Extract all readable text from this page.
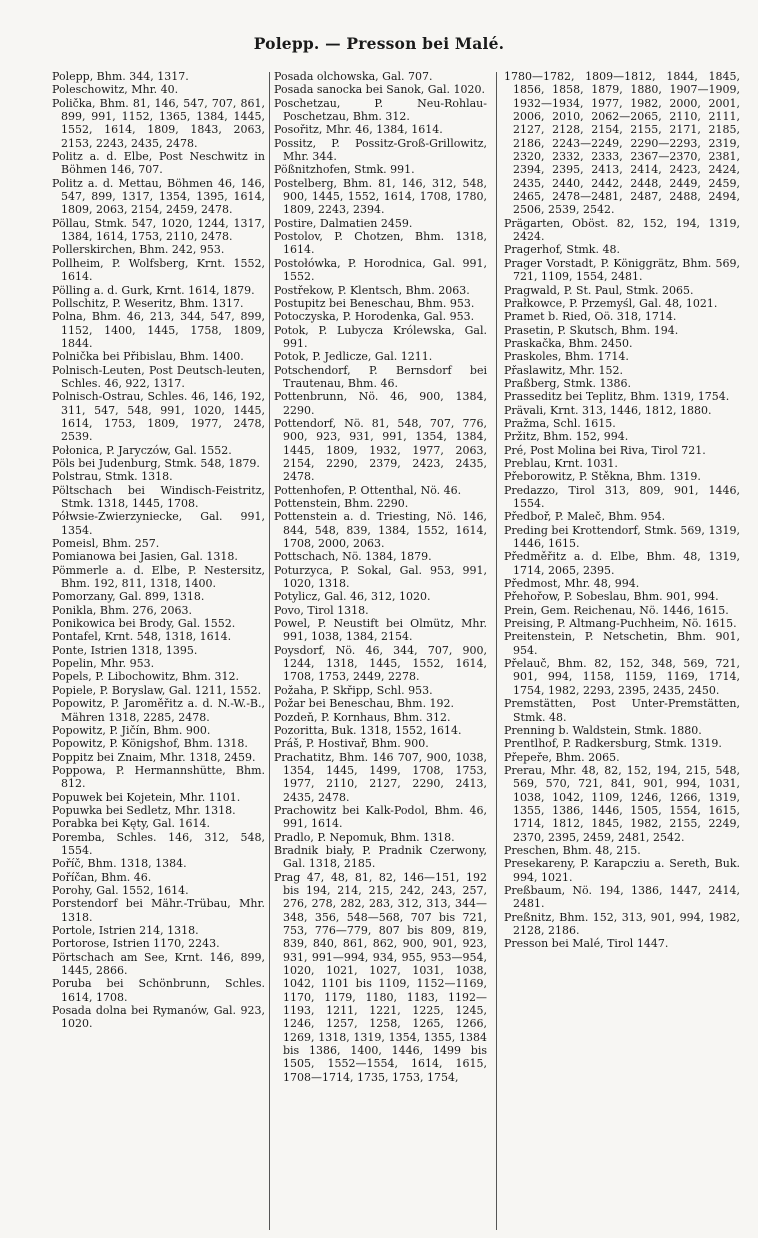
Polepp. — Presson bei Malé.

Polepp, Bhm. 344, 1317.

Poleschowitz, Mhr. 40.

Polička, Bhm. 81, 146, 547, 707, 861, 899, 991, 1152, 1365, 1384, 1445, 1552, 1614, 1809, 1843, 2063, 2153, 2243, 2435, 2478.

Politz a. d. Elbe, Post Neschwitz in Böhmen 146, 707.

Politz a. d. Mettau, Böhmen 46, 146, 547, 899, 1317, 1354, 1395, 1614, 1809, 2063, 2154, 2459, 2478.

Pöllau, Stmk. 547, 1020, 1244, 1317, 1384, 1614, 1753, 2110, 2478.

Pollerskirchen, Bhm. 242, 953.

Pollheim, P. Wolfsberg, Krnt. 1552, 1614.

Pölling a. d. Gurk, Krnt. 1614, 1879.

Pollschitz, P. Weseritz, Bhm. 1317.

Polna, Bhm. 46, 213, 344, 547, 899, 1152, 1400, 1445, 1758, 1809, 1844.

Polnička bei Přibislau, Bhm. 1400.

Polnisch-Leuten, Post Deutsch-leuten, Schles. 46, 922, 1317.

Polnisch-Ostrau, Schles. 46, 146, 192, 311, 547, 548, 991, 1020, 1445, 1614, 1753, 1809, 1977, 2478, 2539.

Połonica, P. Jaryczów, Gal. 1552.

Pöls bei Judenburg, Stmk. 548, 1879.

Polstrau, Stmk. 1318.

Pöltschach bei Windisch-Feistritz, Stmk. 1318, 1445, 1708.

Półwsie-Zwierzyniecke, Gal. 991, 1354.

Pomeisl, Bhm. 257.

Pomianowa bei Jasien, Gal. 1318.

Pömmerle a. d. Elbe, P. Nestersitz, Bhm. 192, 811, 1318, 1400.

Pomorzany, Gal. 899, 1318.

Ponikla, Bhm. 276, 2063.

Ponikowica bei Brody, Gal. 1552.

Pontafel, Krnt. 548, 1318, 1614.

Ponte, Istrien 1318, 1395.

Popelin, Mhr. 953.

Popels, P. Libochowitz, Bhm. 312.

Popiele, P. Boryslaw, Gal. 1211, 1552.

Popowitz, P. Jaroměřitz a. d. N.-W.-B., Mähren 1318, 2285, 2478.

Popowitz, P. Jičín, Bhm. 900.

Popowitz, P. Königshof, Bhm. 1318.

Poppitz bei Znaim, Mhr. 1318, 2459.

Poppowa, P. Hermannshütte, Bhm. 812.

Popuwek bei Kojetein, Mhr. 1101.

Popuwka bei Sedletz, Mhr. 1318.

Porabka bei Kęty, Gal. 1614.

Poremba, Schles. 146, 312, 548, 1554.

Poříč, Bhm. 1318, 1384.

Poříčan, Bhm. 46.

Porohy, Gal. 1552, 1614.

Porstendorf bei Mähr.-Trübau, Mhr. 1318.

Portole, Istrien 214, 1318.

Portorose, Istrien 1170, 2243.

Pörtschach am See, Krnt. 146, 899, 1445, 2866.

Poruba bei Schönbrunn, Schles. 1614, 1708.

Posada dolna bei Rymanów, Gal. 923, 1020.

Posada olchowska, Gal. 707.

Posada sanocka bei Sanok, Gal. 1020.

Poschetzau, P. Neu-Rohlau-Poschetzau, Bhm. 312.

Posořitz, Mhr. 46, 1384, 1614.

Possitz, P. Possitz-Groß-Grillowitz, Mhr. 344.

Pößnitzhofen, Stmk. 991.

Postelberg, Bhm. 81, 146, 312, 548, 900, 1445, 1552, 1614, 1708, 1780, 1809, 2243, 2394.

Postire, Dalmatien 2459.

Postolov, P. Chotzen, Bhm. 1318, 1614.

Postołówka, P. Horodnica, Gal. 991, 1552.

Postřekow, P. Klentsch, Bhm. 2063.

Postupitz bei Beneschau, Bhm. 953.

Potoczyska, P. Horodenka, Gal. 953.

Potok, P. Lubycza Królewska, Gal. 991.

Potok, P. Jedlicze, Gal. 1211.

Potschendorf, P. Bernsdorf bei Trautenau, Bhm. 46.

Pottenbrunn, Nö. 46, 900, 1384, 2290.

Pottendorf, Nö. 81, 548, 707, 776, 900, 923, 931, 991, 1354, 1384, 1445, 1809, 1932, 1977, 2063, 2154, 2290, 2379, 2423, 2435, 2478.

Pottenhofen, P. Ottenthal, Nö. 46.

Pottenstein, Bhm. 2290.

Pottenstein a. d. Triesting, Nö. 146, 844, 548, 839, 1384, 1552, 1614, 1708, 2000, 2063.

Pottschach, Nö. 1384, 1879.

Poturzyca, P. Sokal, Gal. 953, 991, 1020, 1318.

Potylicz, Gal. 46, 312, 1020.

Povo, Tirol 1318.

Powel, P. Neustift bei Olmütz, Mhr. 991, 1038, 1384, 2154.

Poysdorf, Nö. 46, 344, 707, 900, 1244, 1318, 1445, 1552, 1614, 1708, 1753, 2449, 2278.

Požaha, P. Skřipp, Schl. 953.

Požar bei Beneschau, Bhm. 192.

Pozdeň, P. Kornhaus, Bhm. 312.

Pozoritta, Buk. 1318, 1552, 1614.

Práš, P. Hostivař, Bhm. 900.

Prachatitz, Bhm. 146 707, 900, 1038, 1354, 1445, 1499, 1708, 1753, 1977, 2110, 2127, 2290, 2413, 2435, 2478.

Prachowitz bei Kalk-Podol, Bhm. 46, 991, 1614.

Pradlo, P. Nepomuk, Bhm. 1318.

Bradnik biały, P. Pradnik Czerwony, Gal. 1318, 2185.

Prag 47, 48, 81, 82, 146—151, 192 bis 194, 214, 215, 242, 243, 257, 276, 278, 282, 283, 312, 313, 344—348, 356, 548—568, 707 bis 721, 753, 776—779, 807 bis 809, 819, 839, 840, 861, 862, 900, 901, 923, 931, 991—994, 934, 955, 953—954, 1020, 1021, 1027, 1031, 1038, 1042, 1101 bis 1109, 1152—1169, 1170, 1179, 1180, 1183, 1192—1193, 1211, 1221, 1225, 1245, 1246, 1257, 1258, 1265, 1266, 1269, 1318, 1319, 1354, 1355, 1384 bis 1386, 1400, 1446, 1499 bis 1505, 1552—1554, 1614, 1615, 1708—1714, 1735, 1753, 1754,

1780—1782, 1809—1812, 1844, 1845, 1856, 1858, 1879, 1880, 1907—1909, 1932—1934, 1977, 1982, 2000, 2001, 2006, 2010, 2062—2065, 2110, 2111, 2127, 2128, 2154, 2155, 2171, 2185, 2186, 2243—2249, 2290—2293, 2319, 2320, 2332, 2333, 2367—2370, 2381, 2394, 2395, 2413, 2414, 2423, 2424, 2435, 2440, 2442, 2448, 2449, 2459, 2465, 2478—2481, 2487, 2488, 2494, 2506, 2539, 2542.

Prägarten, Oböst. 82, 152, 194, 1319, 2424.

Pragerhof, Stmk. 48.

Prager Vorstadt, P. Königgrätz, Bhm. 569, 721, 1109, 1554, 2481.

Pragwald, P. St. Paul, Stmk. 2065.

Prałkowce, P. Przemyśl, Gal. 48, 1021.

Pramet b. Ried, Oö. 318, 1714.

Prasetin, P. Skutsch, Bhm. 194.

Praskačka, Bhm. 2450.

Praskoles, Bhm. 1714.

Přaslawitz, Mhr. 152.

Praßberg, Stmk. 1386.

Prasseditz bei Teplitz, Bhm. 1319, 1754.

Prävali, Krnt. 313, 1446, 1812, 1880.

Pražma, Schl. 1615.

Pržitz, Bhm. 152, 994.

Pré, Post Molina bei Riva, Tirol 721.

Preblau, Krnt. 1031.

Přeborowitz, P. Stěkna, Bhm. 1319.

Predazzo, Tirol 313, 809, 901, 1446, 1554.

Předboř, P. Maleč, Bhm. 954.

Preding bei Krottendorf, Stmk. 569, 1319, 1446, 1615.

Předměřitz a. d. Elbe, Bhm. 48, 1319, 1714, 2065, 2395.

Předmost, Mhr. 48, 994.

Přehořow, P. Sobeslau, Bhm. 901, 994.

Prein, Gem. Reichenau, Nö. 1446, 1615.

Preising, P. Altmang-Puchheim, Nö. 1615.

Preitenstein, P. Netschetin, Bhm. 901, 954.

Přelauč, Bhm. 82, 152, 348, 569, 721, 901, 994, 1158, 1159, 1169, 1714, 1754, 1982, 2293, 2395, 2435, 2450.

Premstätten, Post Unter-Premstätten, Stmk. 48.

Prenning b. Waldstein, Stmk. 1880.

Prentlhof, P. Radkersburg, Stmk. 1319.

Přepeře, Bhm. 2065.

Prerau, Mhr. 48, 82, 152, 194, 215, 548, 569, 570, 721, 841, 901, 994, 1031, 1038, 1042, 1109, 1246, 1266, 1319, 1355, 1386, 1446, 1505, 1554, 1615, 1714, 1812, 1845, 1982, 2155, 2249, 2370, 2395, 2459, 2481, 2542.

Preschen, Bhm. 48, 215.

Presekareny, P. Karapcziu a. Sereth, Buk. 994, 1021.

Preßbaum, Nö. 194, 1386, 1447, 2414, 2481.

Preßnitz, Bhm. 152, 313, 901, 994, 1982, 2128, 2186.

Presson bei Malé, Tirol 1447.
